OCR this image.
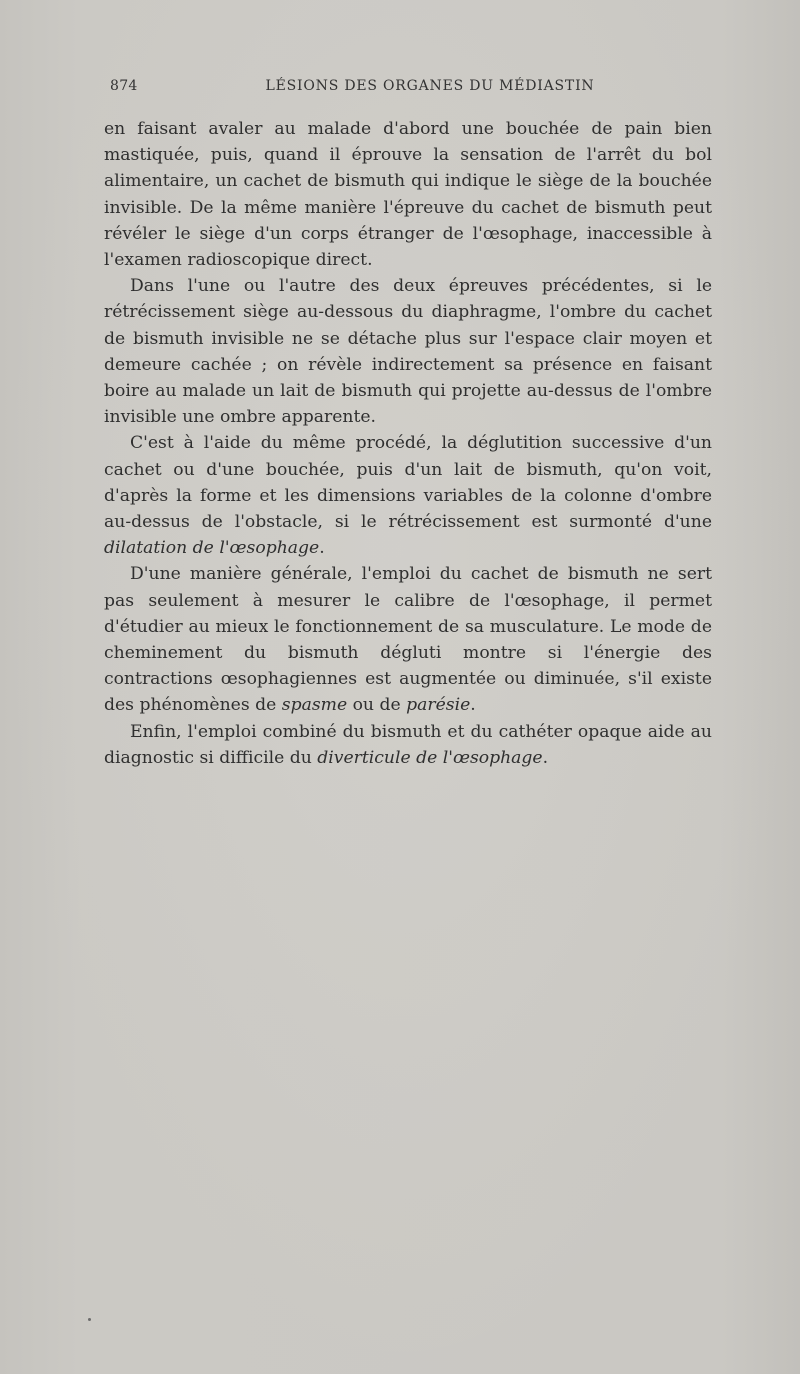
874	LÉSIONS DES ORGANES DU MÉDIASTIN

en faisant avaler au malade d'abord une bouchée de pain bien mastiquée, puis, quand il éprouve la sensation de l'arrêt du bol alimentaire, un cachet de bismuth qui indique le siège de la bouchée invisible. De la même manière l'épreuve du cachet de bismuth peut révéler le siège d'un corps étranger de l'œsophage, inaccessible à l'examen radioscopique direct.

Dans l'une ou l'autre des deux épreuves précédentes, si le rétrécissement siège au-dessous du diaphragme, l'ombre du cachet de bismuth invisible ne se détache plus sur l'espace clair moyen et demeure cachée ; on révèle indirectement sa présence en faisant boire au malade un lait de bismuth qui projette au-dessus de l'ombre invisible une ombre apparente.

C'est à l'aide du même procédé, la déglutition successive d'un cachet ou d'une bouchée, puis d'un lait de bismuth, qu'on voit, d'après la forme et les dimensions variables de la colonne d'ombre au-dessus de l'obstacle, si le rétrécissement est surmonté d'une dilatation de l'œsophage.

D'une manière générale, l'emploi du cachet de bismuth ne sert pas seulement à mesurer le calibre de l'œsophage, il permet d'étudier au mieux le fonctionnement de sa musculature. Le mode de cheminement du bismuth dégluti montre si l'énergie des contractions œsophagiennes est augmentée ou diminuée, s'il existe des phénomènes de spasme ou de parésie.

Enfin, l'emploi combiné du bismuth et du cathéter opaque aide au diagnostic si difficile du diverticule de l'œsophage.
